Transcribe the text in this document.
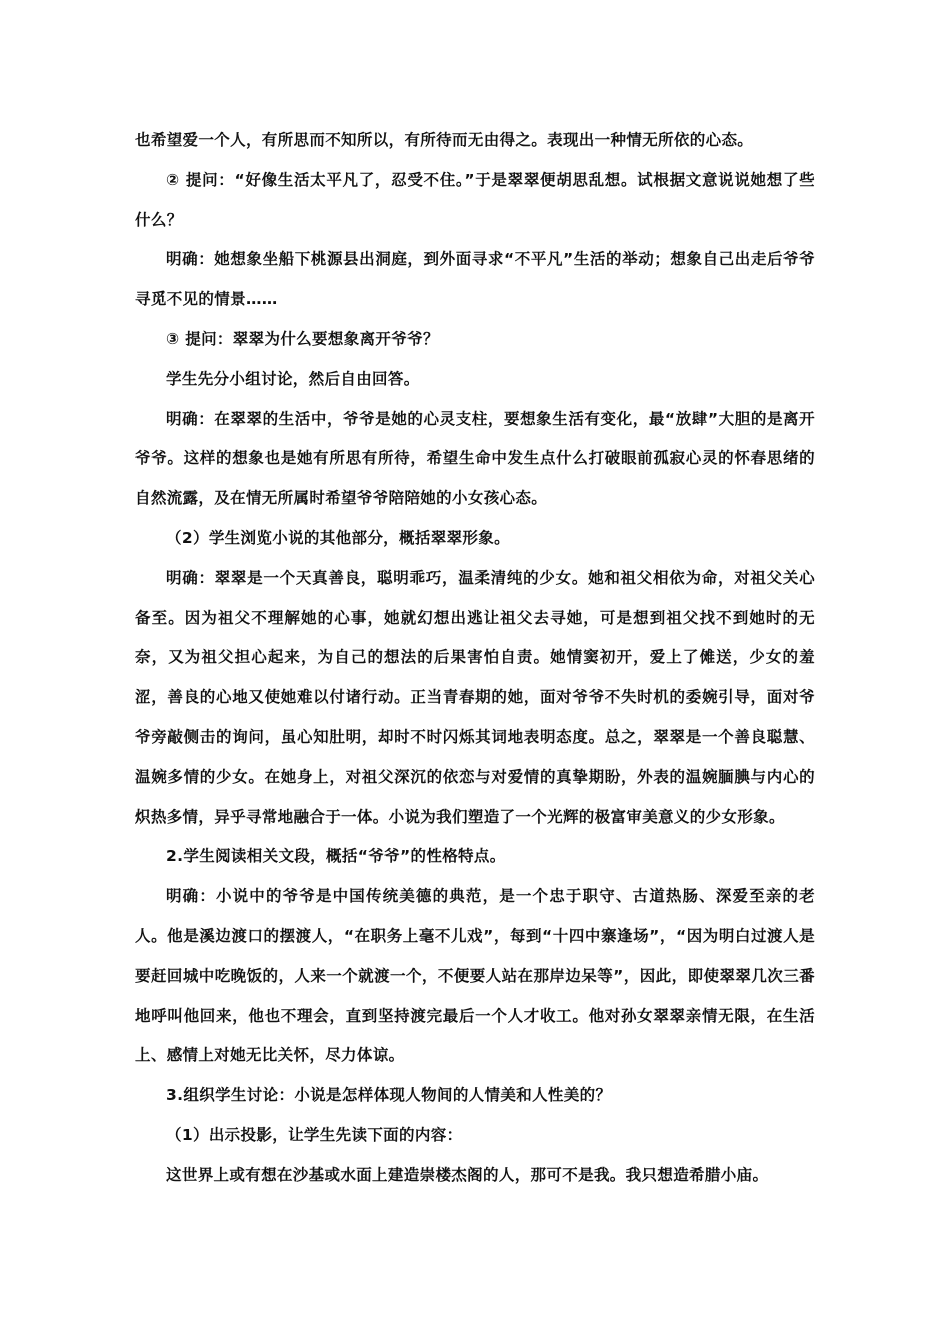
也希望爱一个人，有所思而不知所以，有所待而无由得之。表现出一种情无所依的心态。

② 提问：“好像生活太平凡了，忍受不住。”于是翠翠便胡思乱想。试根据文意说说她想了些什么？

明确：她想象坐船下桃源县出洞庭，到外面寻求“不平凡”生活的举动；想象自己出走后爷爷寻觅不见的情景……

③ 提问：翠翠为什么要想象离开爷爷？

学生先分小组讨论，然后自由回答。

明确：在翠翠的生活中，爷爷是她的心灵支柱，要想象生活有变化，最“放肆”大胆的是离开爷爷。这样的想象也是她有所思有所待，希望生命中发生点什么打破眼前孤寂心灵的怀春思绪的自然流露，及在情无所属时希望爷爷陪陪她的小女孩心态。

（2）学生浏览小说的其他部分，概括翠翠形象。

明确：翠翠是一个天真善良，聪明乖巧，温柔清纯的少女。她和祖父相依为命，对祖父关心备至。因为祖父不理解她的心事，她就幻想出逃让祖父去寻她，可是想到祖父找不到她时的无奈，又为祖父担心起来，为自己的想法的后果害怕自责。她情窦初开，爱上了傩送，少女的羞涩，善良的心地又使她难以付诸行动。正当青春期的她，面对爷爷不失时机的委婉引导，面对爷爷旁敲侧击的询问，虽心知肚明，却时不时闪烁其词地表明态度。总之，翠翠是一个善良聪慧、温婉多情的少女。在她身上，对祖父深沉的依恋与对爱情的真挚期盼，外表的温婉腼腆与内心的炽热多情，异乎寻常地融合于一体。小说为我们塑造了一个光辉的极富审美意义的少女形象。

2.学生阅读相关文段，概括“爷爷”的性格特点。

明确：小说中的爷爷是中国传统美德的典范，是一个忠于职守、古道热肠、深爱至亲的老人。他是溪边渡口的摆渡人，“在职务上毫不儿戏”，每到“十四中寨逢场”，“因为明白过渡人是要赶回城中吃晚饭的，人来一个就渡一个，不便要人站在那岸边呆等”，因此，即使翠翠几次三番地呼叫他回来，他也不理会，直到坚持渡完最后一个人才收工。他对孙女翠翠亲情无限，在生活上、感情上对她无比关怀，尽力体谅。

3.组织学生讨论：小说是怎样体现人物间的人情美和人性美的？

（1）出示投影，让学生先读下面的内容：

这世界上或有想在沙基或水面上建造崇楼杰阁的人，那可不是我。我只想造希腊小庙。
